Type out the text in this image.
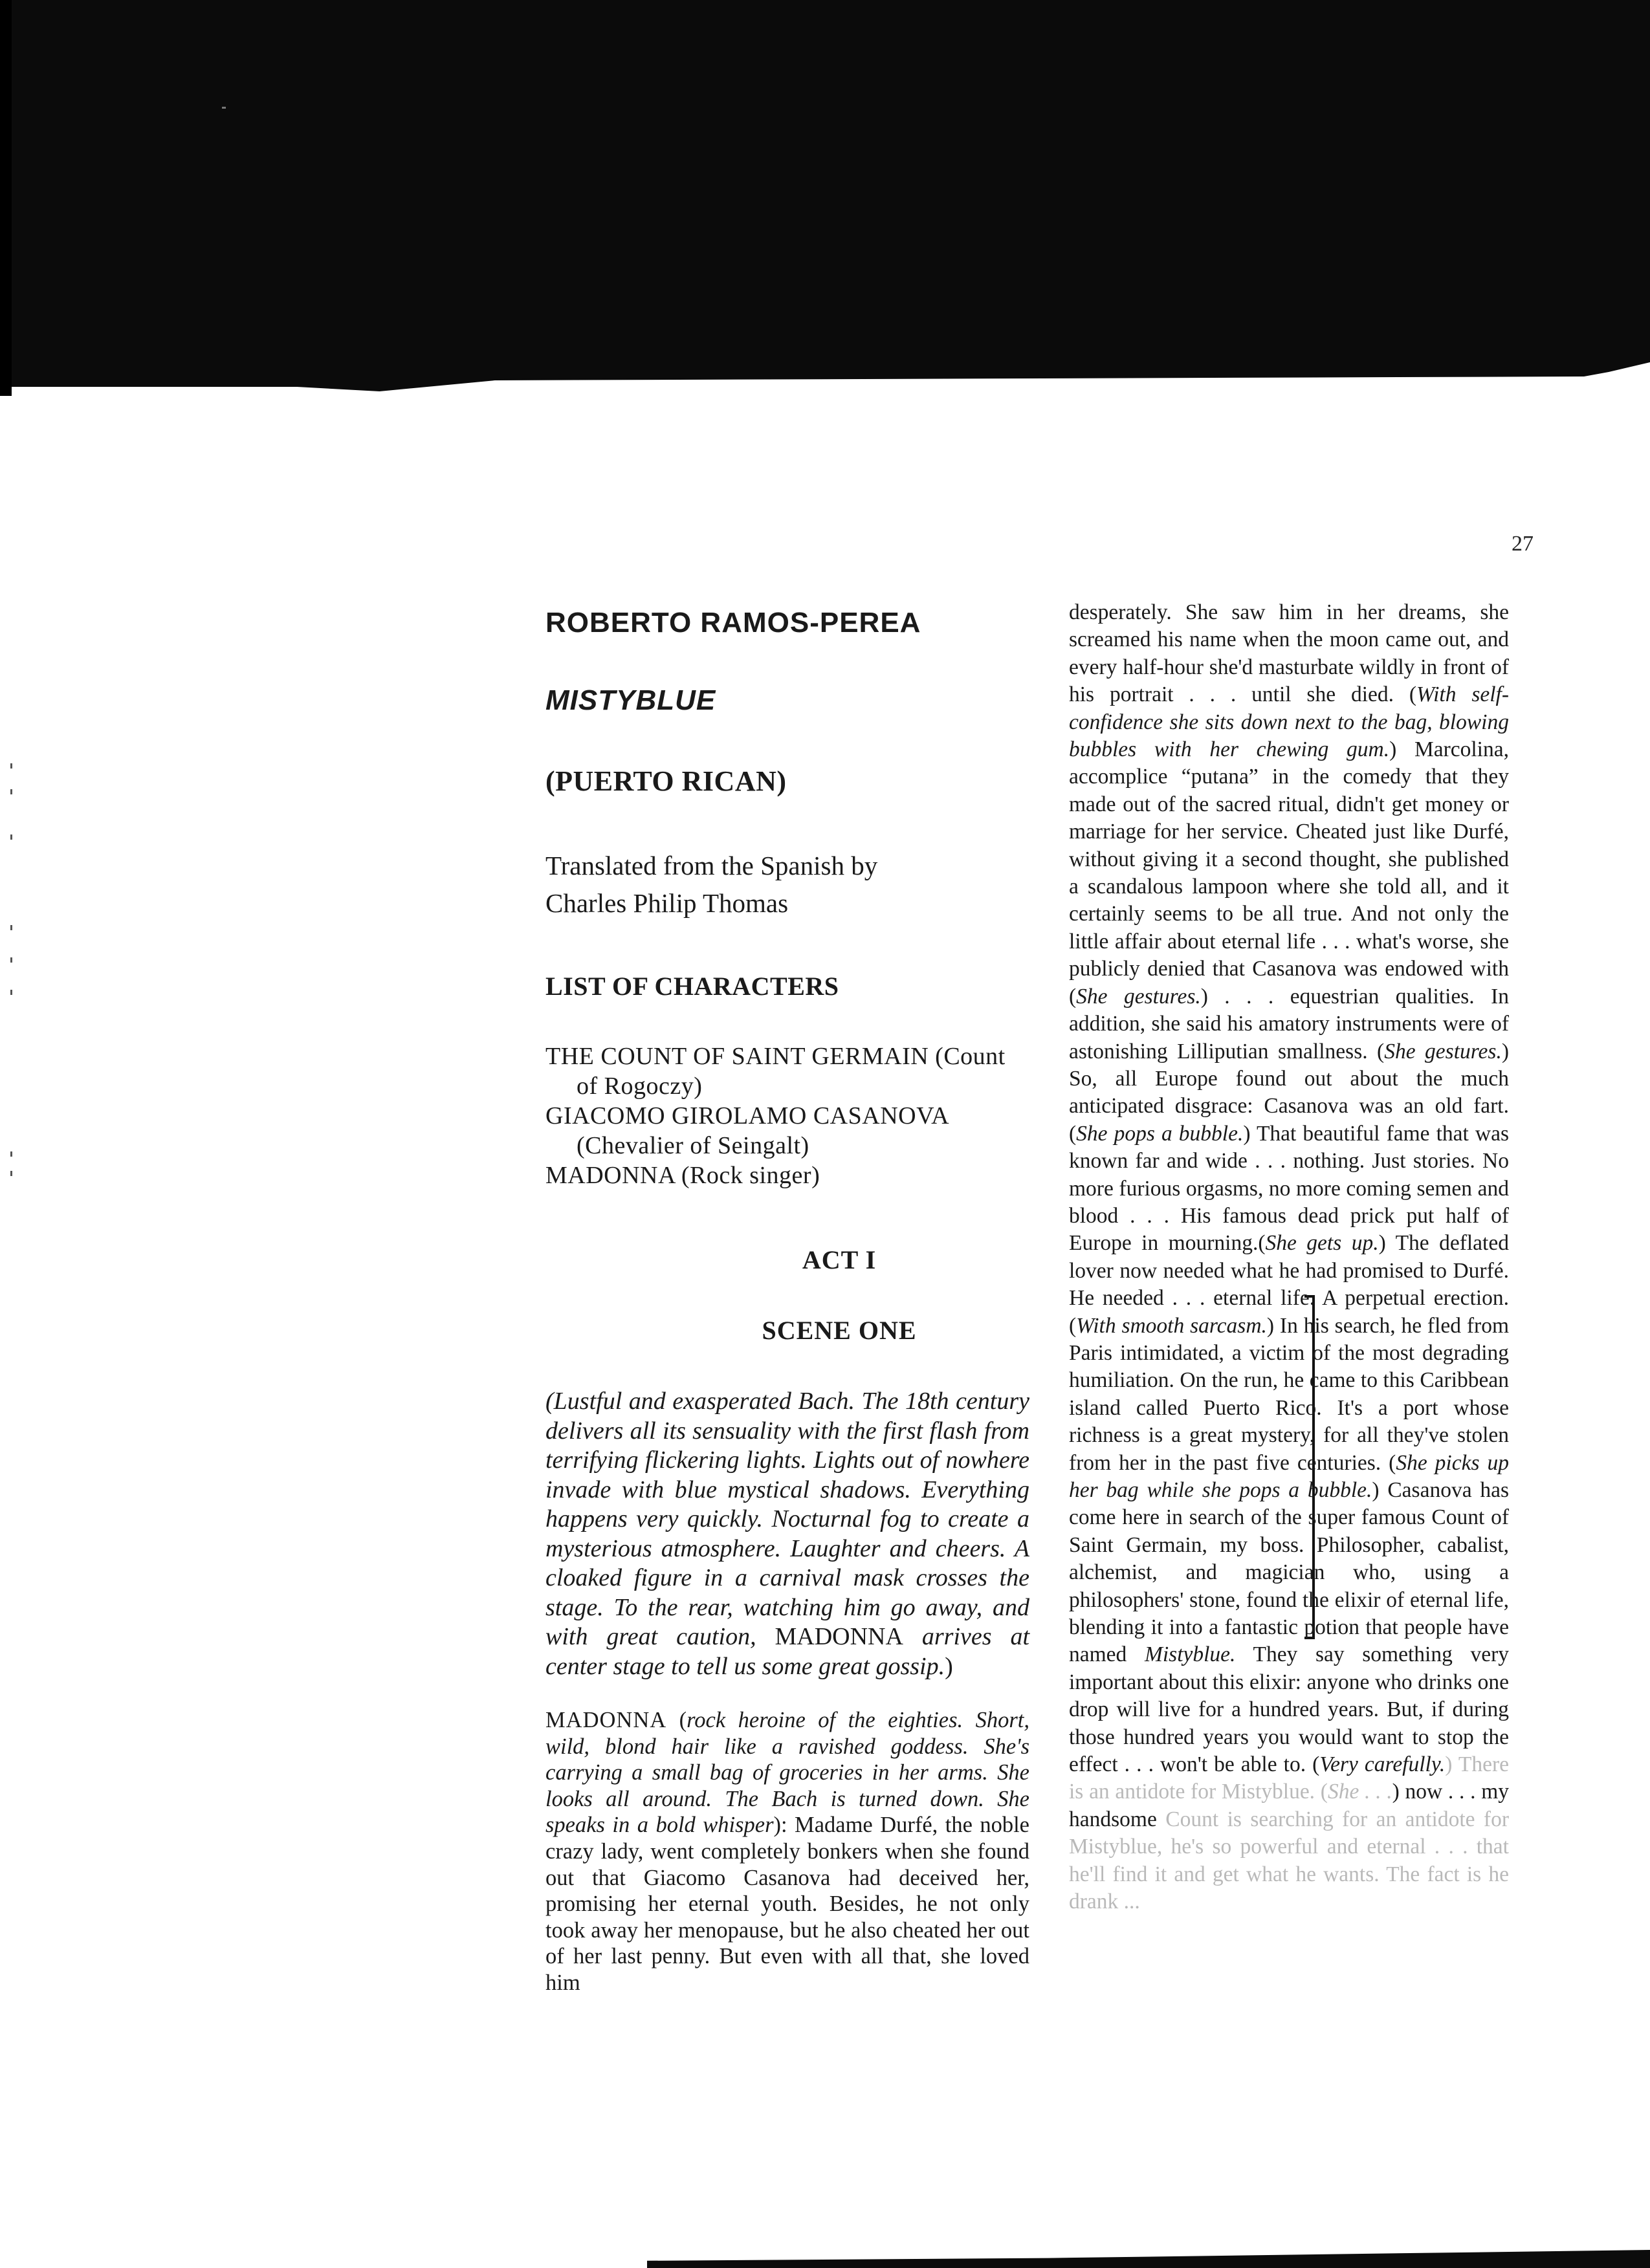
27
ROBERTO RAMOS-PEREA
MISTYBLUE
(PUERTO RICAN)

Translated from the Spanish by
Charles Philip Thomas

LIST OF CHARACTERS
THE COUNT OF SAINT GERMAIN (Count of Rogoczy)
GIACOMO GIROLAMO CASANOVA (Chevalier of Seingalt)
MADONNA (Rock singer)
ACT I
SCENE ONE

(Lustful and exasperated Bach. The 18th century delivers all its sensuality with the first flash from terrifying flickering lights. Lights out of nowhere invade with blue mystical shadows. Everything happens very quickly. Nocturnal fog to create a mysterious atmosphere. Laughter and cheers. A cloaked figure in a carnival mask crosses the stage. To the rear, watching him go away, and with great caution, MADONNA arrives at center stage to tell us some great gossip.)

MADONNA (rock heroine of the eighties. Short, wild, blond hair like a ravished goddess. She's carrying a small bag of groceries in her arms. She looks all around. The Bach is turned down. She speaks in a bold whisper): Madame Durfé, the noble crazy lady, went completely bonkers when she found out that Giacomo Casanova had deceived her, promising her eternal youth. Besides, he not only took away her menopause, but he also cheated her out of her last penny. But even with all that, she loved him

desperately. She saw him in her dreams, she screamed his name when the moon came out, and every half-hour she'd masturbate wildly in front of his portrait . . . until she died. (With self-confidence she sits down next to the bag, blowing bubbles with her chewing gum.) Marcolina, accomplice “putana” in the comedy that they made out of the sacred ritual, didn't get money or marriage for her service. Cheated just like Durfé, without giving it a second thought, she published a scandalous lampoon where she told all, and it certainly seems to be all true. And not only the little affair about eternal life . . . what's worse, she publicly denied that Casanova was endowed with (She gestures.) . . . equestrian qualities. In addition, she said his amatory instruments were of astonishing Lilliputian smallness. (She gestures.) So, all Europe found out about the much anticipated disgrace: Casanova was an old fart. (She pops a bubble.) That beautiful fame that was known far and wide . . . nothing. Just stories. No more furious orgasms, no more coming semen and blood . . . His famous dead prick put half of Europe in mourning.(She gets up.) The deflated lover now needed what he had promised to Durfé. He needed . . . eternal life. A perpetual erection. (With smooth sarcasm.) In his search, he fled from Paris intimidated, a victim of the most degrading humiliation. On the run, he came to this Caribbean island called Puerto Rico. It's a port whose richness is a great mystery, for all they've stolen from her in the past five centuries. (She picks up her bag while she pops a bubble.) Casanova has come here in search of the super famous Count of Saint Germain, my boss. Philosopher, cabalist, alchemist, and magician who, using a philosophers' stone, found the elixir of eternal life, blending it into a fantastic potion that people have named Mistyblue. They say something very important about this elixir: anyone who drinks one drop will live for a hundred years. But, if during those hundred years you would want to stop the effect . . . won't be able to. (Very carefully.) There is an antidote for Mistyblue. (She . . .) now . . . my handsome Count is searching for an antidote for Mistyblue, he's so powerful and eternal . . . that he'll find it and get what he wants. The fact is he drank ...
